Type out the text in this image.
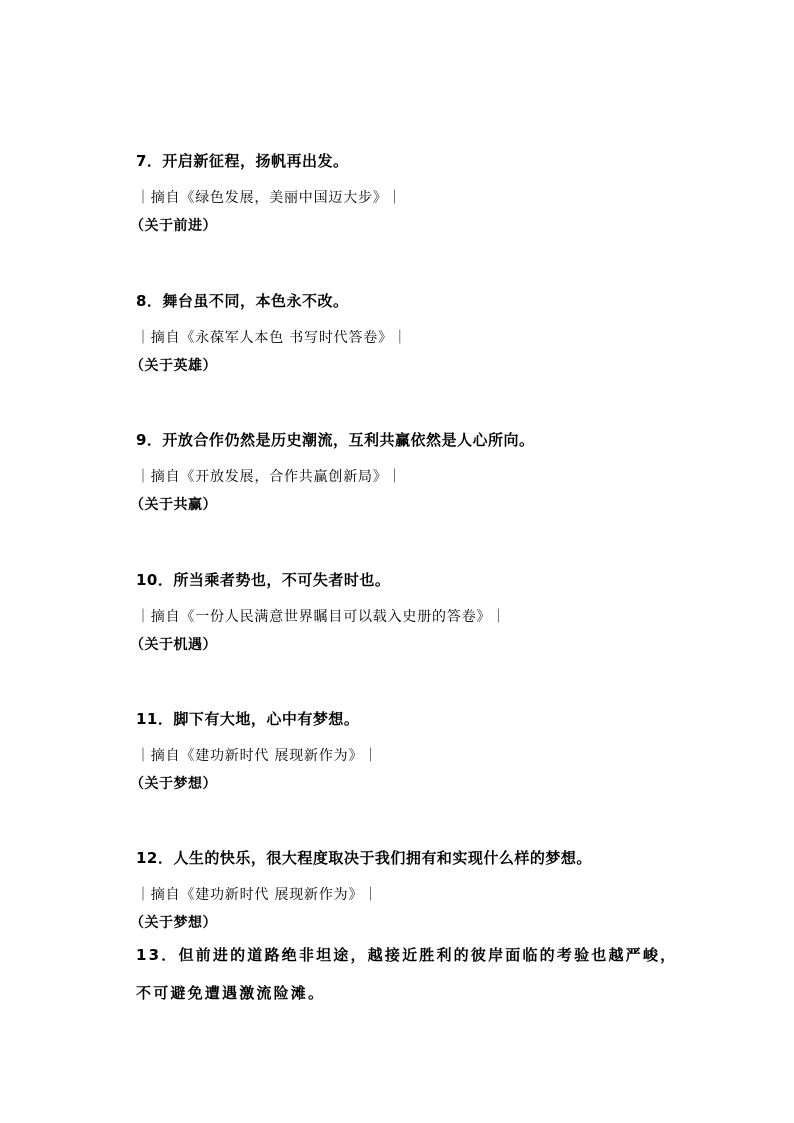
7．开启新征程，扬帆再出发。
｜摘自《绿色发展，美丽中国迈大步》｜
（关于前进）
8．舞台虽不同，本色永不改。
｜摘自《永葆军人本色 书写时代答卷》｜
（关于英雄）
9．开放合作仍然是历史潮流，互利共赢依然是人心所向。
｜摘自《开放发展，合作共赢创新局》｜
（关于共赢）
10．所当乘者势也，不可失者时也。
｜摘自《一份人民满意世界瞩目可以载入史册的答卷》｜
（关于机遇）
11．脚下有大地，心中有梦想。
｜摘自《建功新时代 展现新作为》｜
（关于梦想）
12．人生的快乐，很大程度取决于我们拥有和实现什么样的梦想。
｜摘自《建功新时代 展现新作为》｜
（关于梦想）
13．但前进的道路绝非坦途，越接近胜利的彼岸面临的考验也越严峻，
不可避免遭遇激流险滩。
